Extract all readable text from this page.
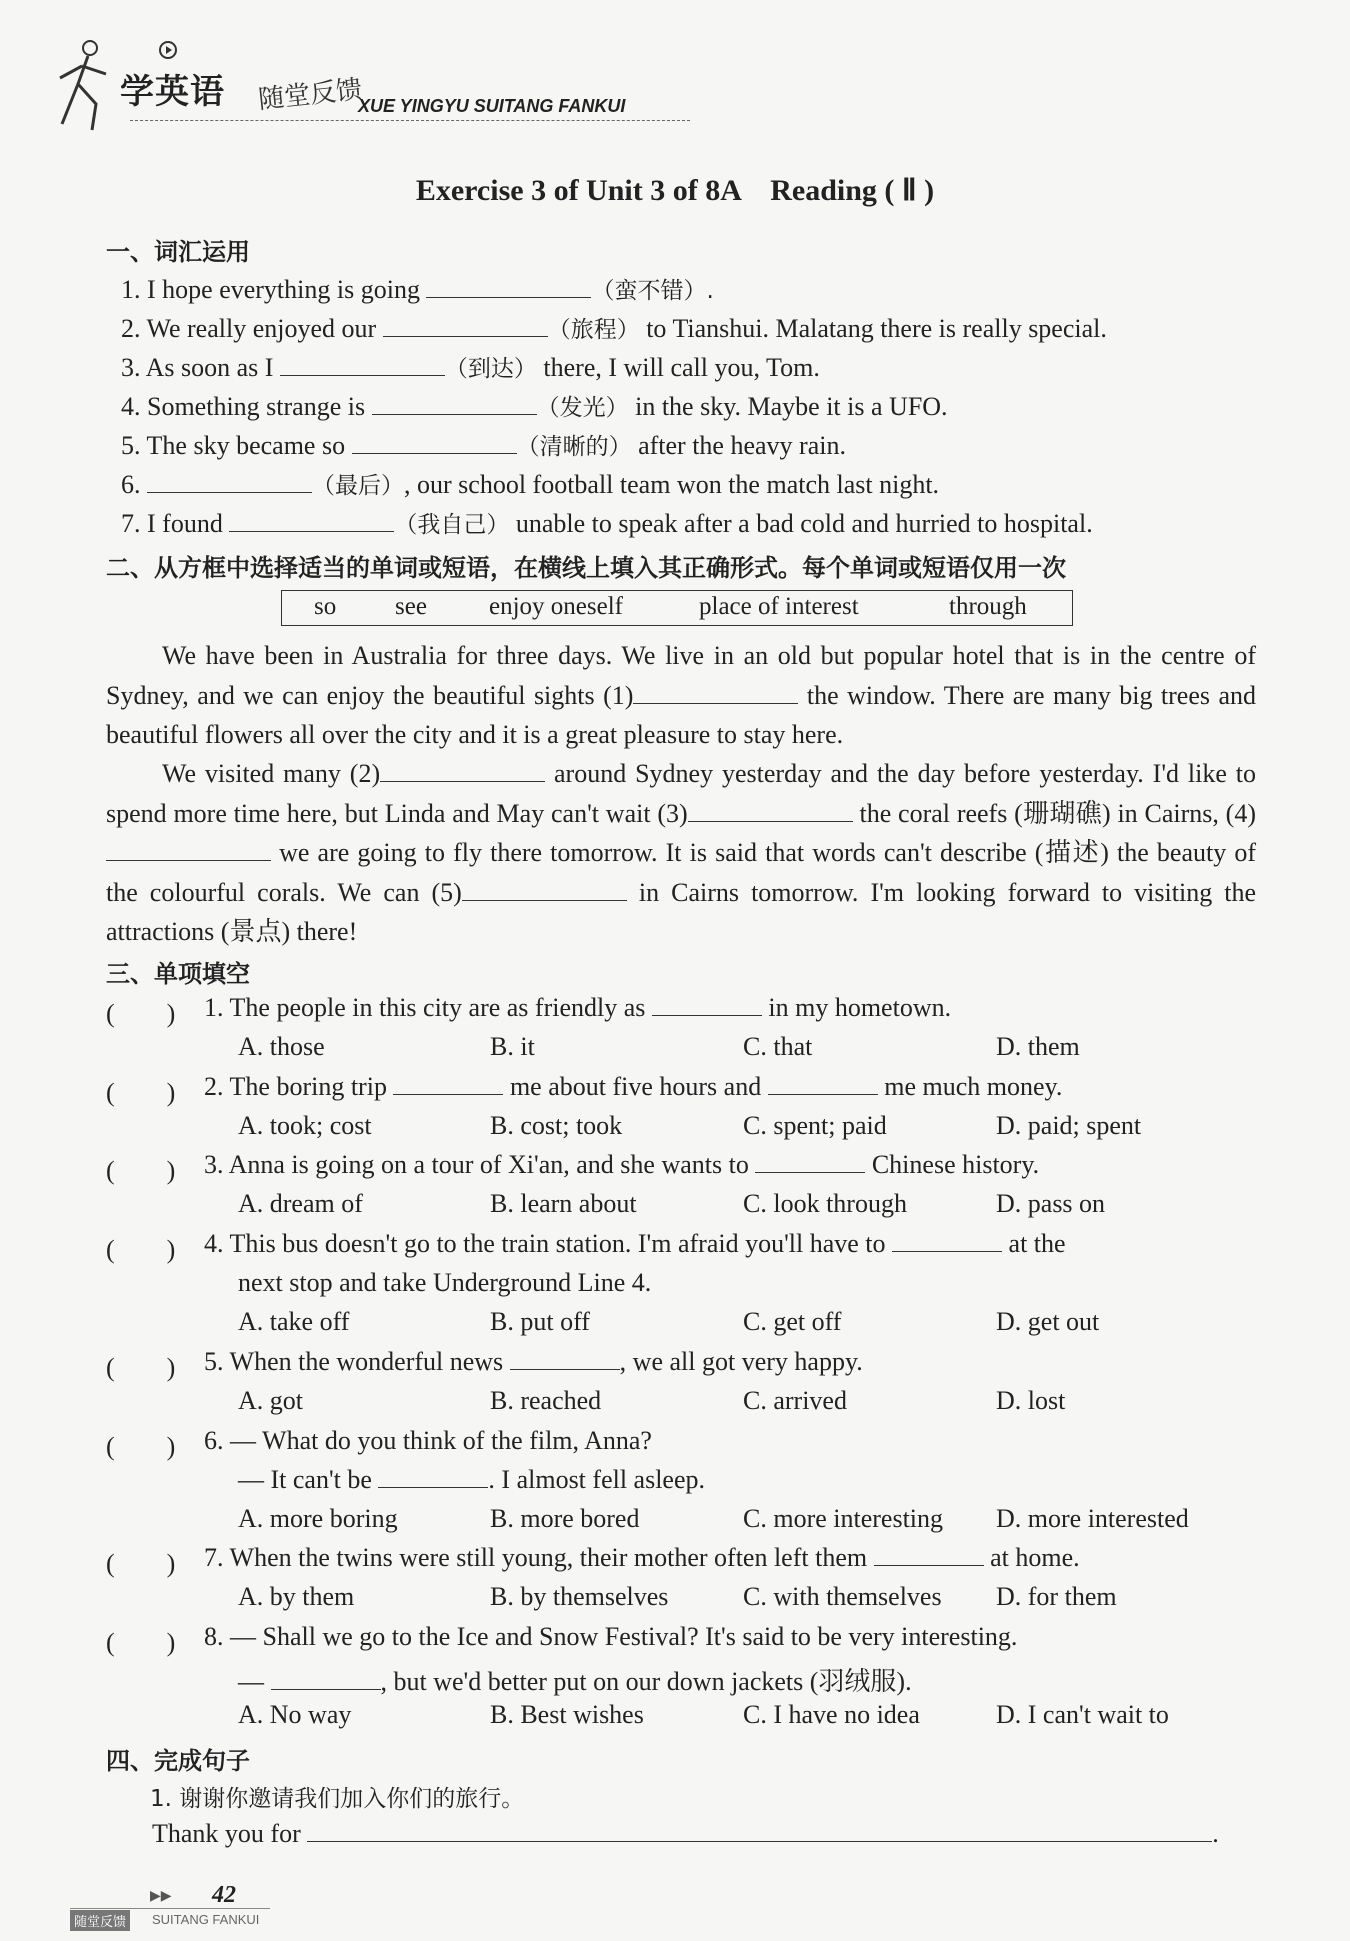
学英语 随堂反馈
XUE YINGYU SUITANG FANKUI
Exercise 3 of Unit 3 of 8A　Reading ( Ⅱ )
一、词汇运用
1. I hope everything is going	（蛮不错）.
2. We really enjoyed our	（旅程） to Tianshui. Malatang there is really special.
3. As soon as I	（到达） there, I will call you, Tom.
4. Something strange is	（发光） in the sky. Maybe it is a UFO.
5. The sky became so	（清晰的） after the heavy rain.
6.	（最后）, our school football team won the match last night.
7. I found	（我自己） unable to speak after a bad cold and hurried to hospital.
二、从方框中选择适当的单词或短语，在横线上填入其正确形式。每个单词或短语仅用一次
so see enjoy oneself	place of interest	through
We have been in Australia for three days. We live in an old but popular hotel that is in the centre of Sydney, and we can enjoy the beautiful sights (1)	the window. There are many big trees and beautiful flowers all over the city and it is a great pleasure to stay here.
We visited many (2)	around Sydney yesterday and the day before yesterday. I'd like to spend more time here, but Linda and May can't wait (3)	the coral reefs (珊瑚礁) in Cairns, (4) we are going to fly there tomorrow. It is said that words can't describe (描述) the beauty of the colourful corals. We can (5)	in Cairns tomorrow. I'm looking forward to visiting the attractions (景点) there!
三、单项填空
(　　) 1. The people in this city are as friendly as	in my hometown.
A. those	B. it	C. that	D. them
(　　) 2. The boring trip	me about five hours and	me much money.
A. took; cost	B. cost; took	C. spent; paid	D. paid; spent
(　　) 3. Anna is going on a tour of Xi'an, and she wants to	Chinese history.
A. dream of	B. learn about	C. look through	D. pass on
(　　) 4. This bus doesn't go to the train station. I'm afraid you'll have to	at the
next stop and take Underground Line 4.
A. take off	B. put off	C. get off	D. get out
(　　) 5. When the wonderful news	, we all got very happy.
A. got	B. reached	C. arrived	D. lost
(　　) 6. — What do you think of the film, Anna?
— It can't be	. I almost fell asleep.
A. more boring	B. more bored	C. more interesting D. more interested
(　　) 7. When the twins were still young, their mother often left them	at home.
A. by them	B. by themselves	C. with themselves D. for them
(　　) 8. — Shall we go to the Ice and Snow Festival? It's said to be very interesting.
—	, but we'd better put on our down jackets (羽绒服).
A. No way	B. Best wishes	C. I have no idea	D. I can't wait to
四、完成句子
1. 谢谢你邀请我们加入你们的旅行。
Thank you for	.
▶▶ 42
随堂反馈	SUITANG FANKUI
